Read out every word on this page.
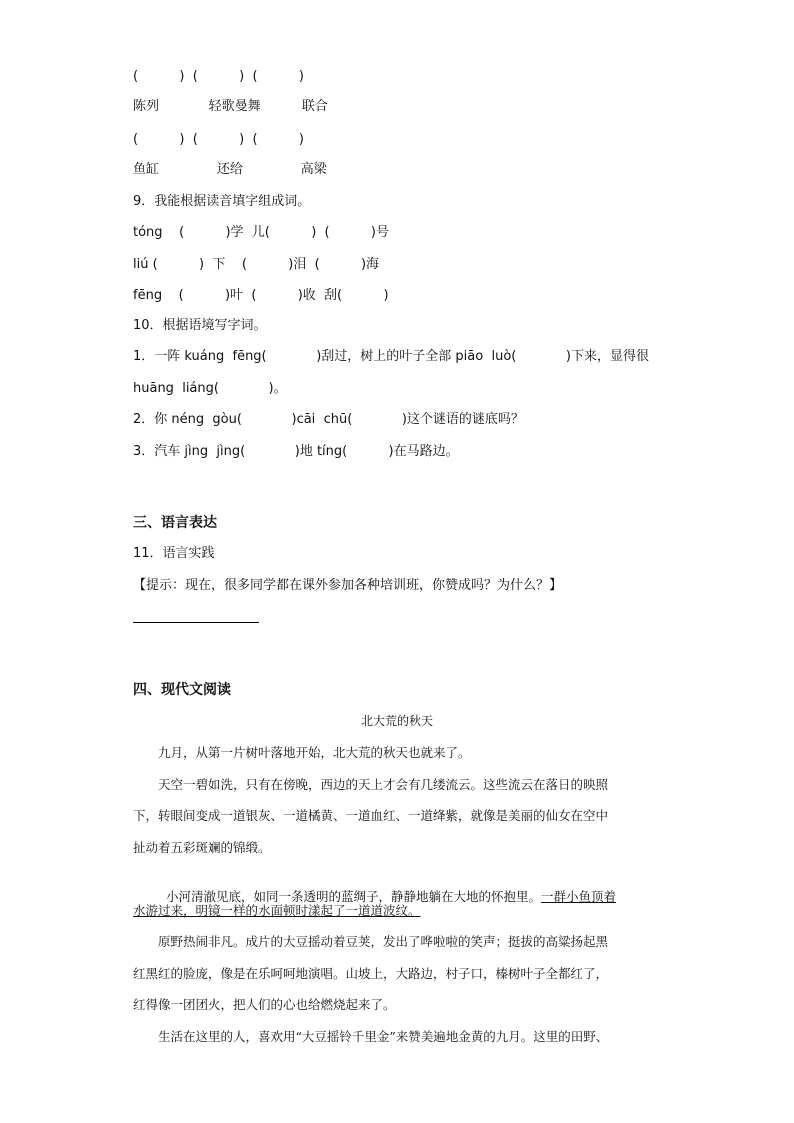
(          )  (          )  (          )
陈列            轻歌曼舞          联合
(          )  (          )  (          )
鱼缸              还给              高梁
9．我能根据读音填字组成词。
tóng    (          )学  儿(          )  (          )号
liú (          )  下    (          )泪  (          )海
fēng    (          )叶  (          )收  刮(          )
10．根据语境写字词。
1．一阵 kuáng  fēng(            )刮过，树上的叶子全部 piāo  luò(            )下来，显得很
huāng  liáng(            )。
2．你 néng  gòu(            )cāi  chū(            )这个谜语的谜底吗？
3．汽车 jìng  jìng(            )地 tíng(          )在马路边。
三、语言表达
11．语言实践
【提示：现在，很多同学都在课外参加各种培训班，你赞成吗？为什么？】
四、现代文阅读
北大荒的秋天
九月，从第一片树叶落地开始，北大荒的秋天也就来了。
天空一碧如洗，只有在傍晚，西边的天上才会有几缕流云。这些流云在落日的映照
下，转眼间变成一道银灰、一道橘黄、一道血红、一道绛紫，就像是美丽的仙女在空中
扯动着五彩斑斓的锦缎。

小河清澈见底，如同一条透明的蓝绸子，静静地躺在大地的怀抱里。一群小鱼顶着

水游过来，明镜一样的水面顿时漾起了一道道波纹。
原野热闹非凡。成片的大豆摇动着豆荚，发出了哗啦啦的笑声；挺拔的高粱扬起黑
红黑红的脸庞，像是在乐呵呵地演唱。山坡上，大路边，村子口，榛树叶子全都红了，
红得像一团团火，把人们的心也给燃烧起来了。
生活在这里的人，喜欢用“大豆摇铃千里金”来赞美遍地金黄的九月。这里的田野、
